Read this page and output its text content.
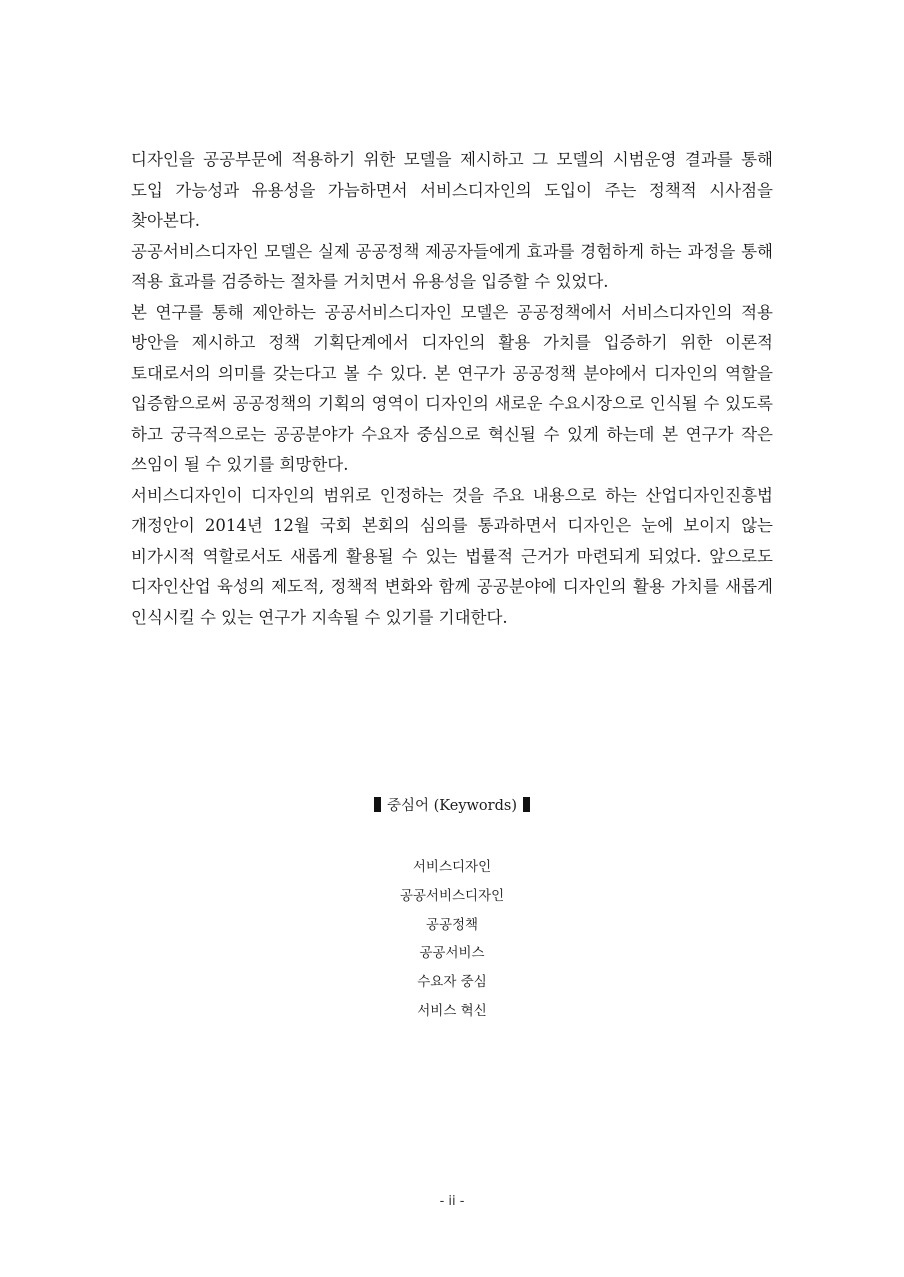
디자인을 공공부문에 적용하기 위한 모델을 제시하고 그 모델의 시범운영 결과를 통해 도입 가능성과 유용성을 가늠하면서 서비스디자인의 도입이 주는 정책적 시사점을 찾아본다.

공공서비스디자인 모델은 실제 공공정책 제공자들에게 효과를 경험하게 하는 과정을 통해 적용 효과를 검증하는 절차를 거치면서 유용성을 입증할 수 있었다.

본 연구를 통해 제안하는 공공서비스디자인 모델은 공공정책에서 서비스디자인의 적용 방안을 제시하고 정책 기획단계에서 디자인의 활용 가치를 입증하기 위한 이론적 토대로서의 의미를 갖는다고 볼 수 있다. 본 연구가 공공정책 분야에서 디자인의 역할을 입증함으로써 공공정책의 기획의 영역이 디자인의 새로운 수요시장으로 인식될 수 있도록 하고 궁극적으로는 공공분야가 수요자 중심으로 혁신될 수 있게 하는데 본 연구가 작은 쓰임이 될 수 있기를 희망한다.

서비스디자인이 디자인의 범위로 인정하는 것을 주요 내용으로 하는 산업디자인진흥법 개정안이 2014년 12월 국회 본회의 심의를 통과하면서 디자인은 눈에 보이지 않는 비가시적 역할로서도 새롭게 활용될 수 있는 법률적 근거가 마련되게 되었다. 앞으로도 디자인산업 육성의 제도적, 정책적 변화와 함께 공공분야에 디자인의 활용 가치를 새롭게 인식시킬 수 있는 연구가 지속될 수 있기를 기대한다.

중심어 (Keywords)
서비스디자인
공공서비스디자인
공공정책
공공서비스
수요자 중심
서비스 혁신
- ii -
